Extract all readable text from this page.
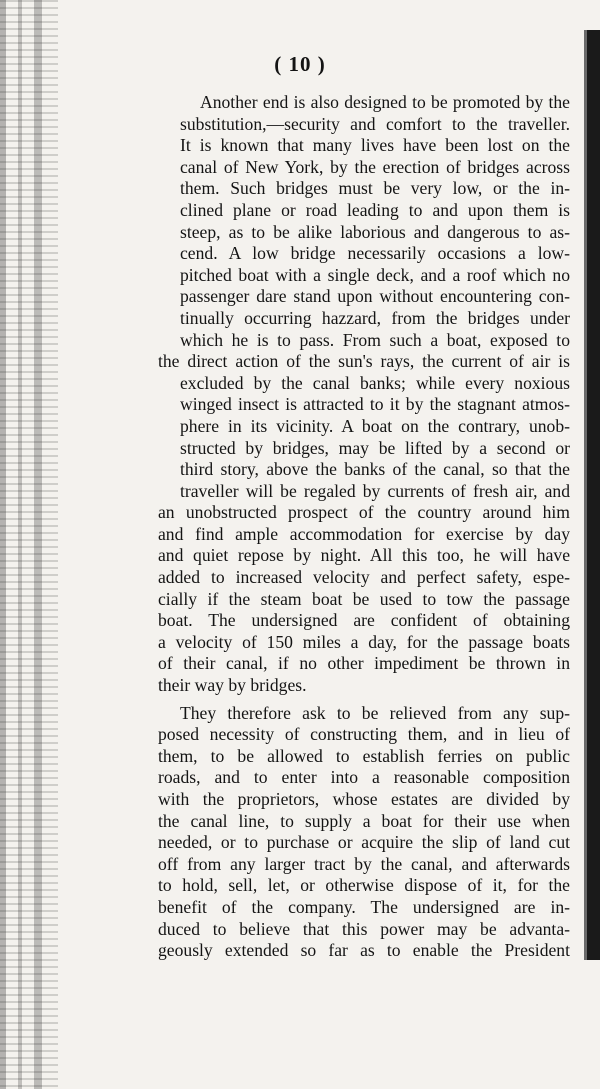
( 10 )
Another end is also designed to be promoted by the
substitution,—security and comfort to the traveller.
It is known that many lives have been lost on the
canal of New York, by the erection of bridges across
them. Such bridges must be very low, or the in-
clined plane or road leading to and upon them is
steep, as to be alike laborious and dangerous to as-
cend. A low bridge necessarily occasions a low-
pitched boat with a single deck, and a roof which no
passenger dare stand upon without encountering con-
tinually occurring hazzard, from the bridges under
which he is to pass. From such a boat, exposed to
the direct action of the sun's rays, the current of air is
excluded by the canal banks; while every noxious
winged insect is attracted to it by the stagnant atmos-
phere in its vicinity. A boat on the contrary, unob-
structed by bridges, may be lifted by a second or
third story, above the banks of the canal, so that the
traveller will be regaled by currents of fresh air, and
an unobstructed prospect of the country around him
and find ample accommodation for exercise by day
and quiet repose by night. All this too, he will have
added to increased velocity and perfect safety, espe-
cially if the steam boat be used to tow the passage
boat. The undersigned are confident of obtaining
a velocity of 150 miles a day, for the passage boats
of their canal, if no other impediment be thrown in
their way by bridges.
They therefore ask to be relieved from any sup-
posed necessity of constructing them, and in lieu of
them, to be allowed to establish ferries on public
roads, and to enter into a reasonable composition
with the proprietors, whose estates are divided by
the canal line, to supply a boat for their use when
needed, or to purchase or acquire the slip of land cut
off from any larger tract by the canal, and afterwards
to hold, sell, let, or otherwise dispose of it, for the
benefit of the company. The undersigned are in-
duced to believe that this power may be advanta-
geously extended so far as to enable the President
